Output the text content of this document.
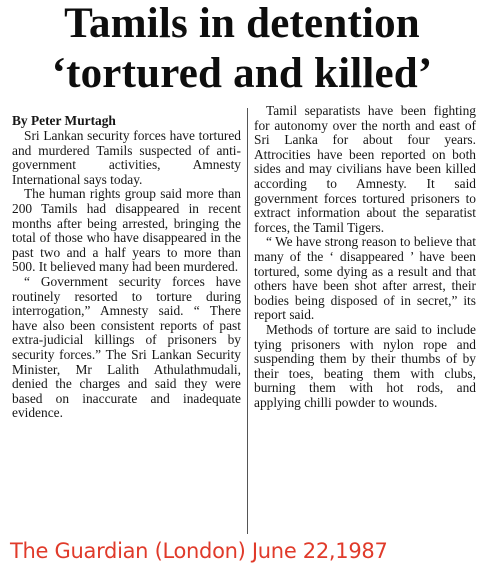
Tamils in detention
‘tortured and killed’
By Peter Murtagh

Sri Lankan security forces have tortured and murdered Tamils suspected of anti-government activities, Amnesty International says today.

The human rights group said more than 200 Tamils had disappeared in recent months after being arrested, bringing the total of those who have disappeared in the past two and a half years to more than 500. It believed many had been murdered.

“ Government security forces have routinely resorted to torture during interrogation,” Amnesty said. “ There have also been consistent reports of past extra-judicial killings of prisoners by security forces.” The Sri Lankan Security Minister, Mr Lalith Athulathmudali, denied the charges and said they were based on inaccurate and inadequate evidence.

Tamil separatists have been fighting for autonomy over the north and east of Sri Lanka for about four years. Attrocities have been reported on both sides and may civilians have been killed according to Amnesty. It said government forces tortured prisoners to extract information about the separatist forces, the Tamil Tigers.

“ We have strong reason to believe that many of the ‘ disappeared ’ have been tortured, some dying as a result and that others have been shot after arrest, their bodies being disposed of in secret,” its report said.

Methods of torture are said to include tying prisoners with nylon rope and suspending them by their thumbs of by their toes, beating them with clubs, burning them with hot rods, and applying chilli powder to wounds.

The Guardian (London) June 22,1987
